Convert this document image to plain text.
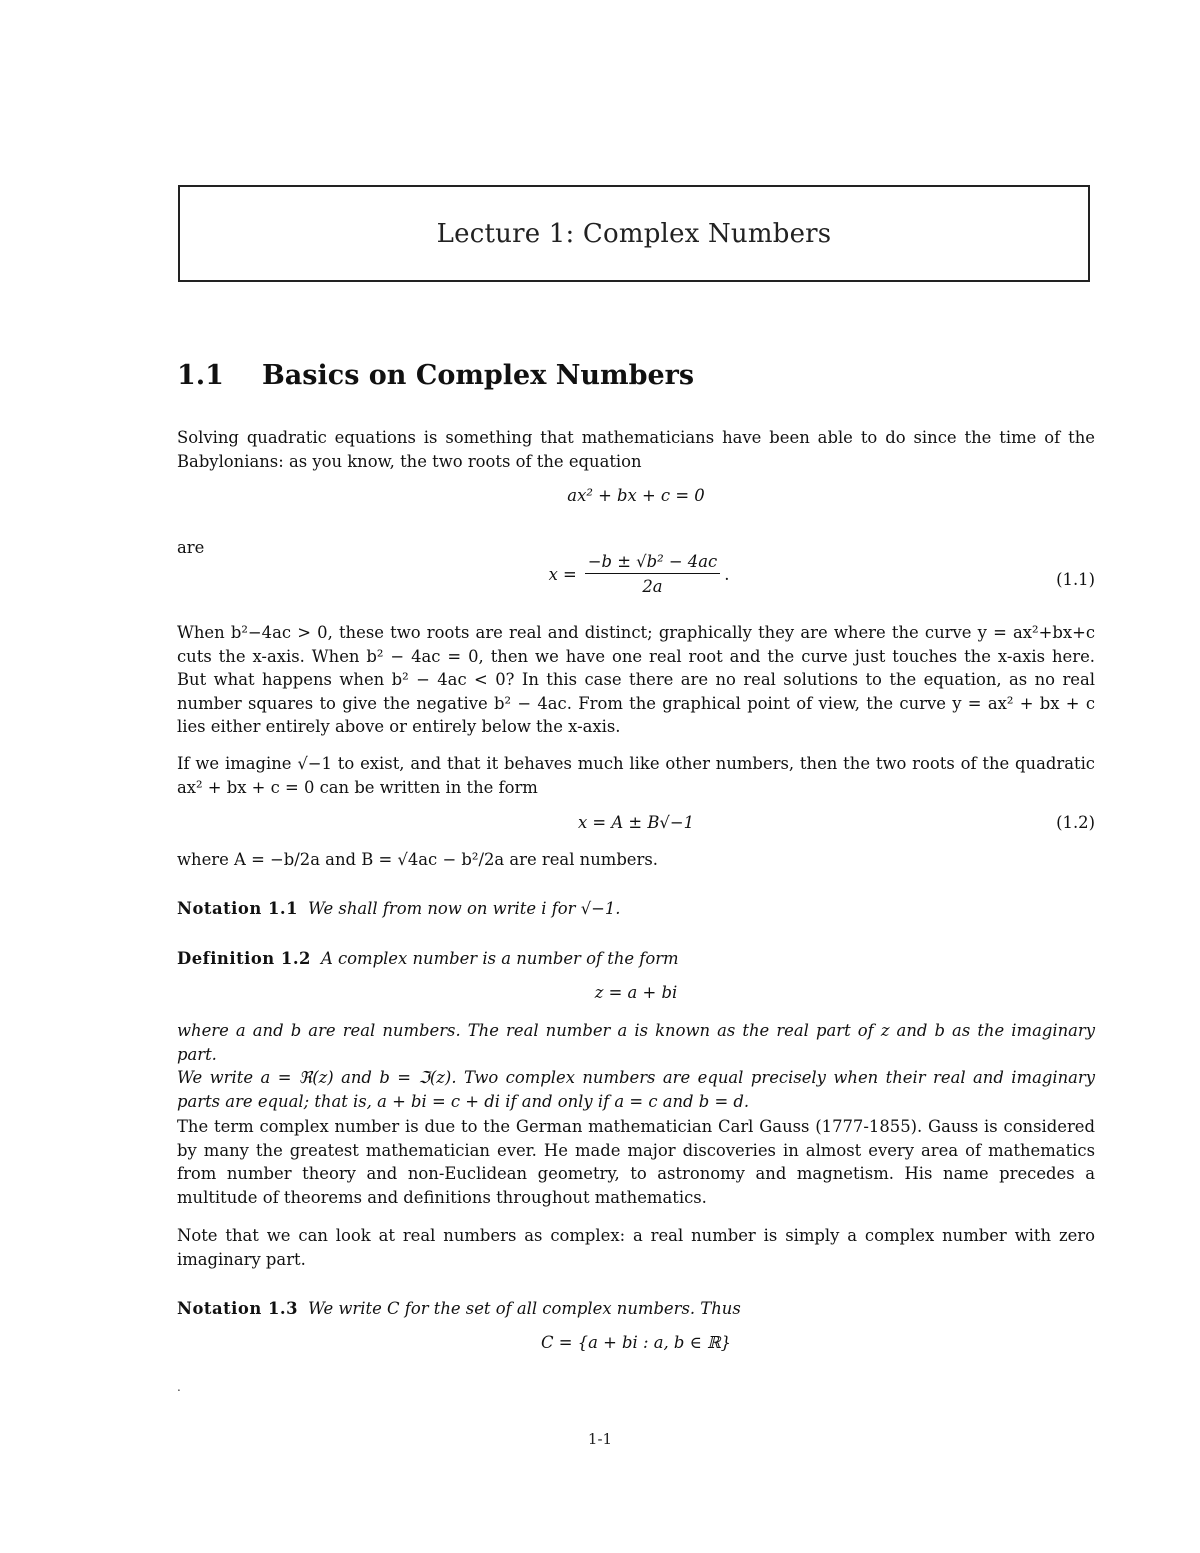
Lecture 1: Complex Numbers
1.1 Basics on Complex Numbers
Solving quadratic equations is something that mathematicians have been able to do since the time of the
Babylonians: as you know, the two roots of the equation
ax² + bx + c = 0
are
$x = \frac{\text{−b ± √b² − 4ac}}{2a}$ .	(1.1)
When b²−4ac > 0, these two roots are real and distinct; graphically they are where the curve y = ax²+bx+c
cuts the x-axis. When b² − 4ac = 0, then we have one real root and the curve just touches the x-axis here.
But what happens when b² − 4ac < 0? In this case there are no real solutions to the equation, as no real
number squares to give the negative b² − 4ac. From the graphical point of view, the curve y = ax² + bx + c
lies either entirely above or entirely below the x-axis.
If we imagine √−1 to exist, and that it behaves much like other numbers, then the two roots of the quadratic
ax² + bx + c = 0 can be written in the form
x = A ± B√−1	(1.2)
where A = −b/2a and B = √4ac − b²/2a are real numbers.
Notation 1.1 We shall from now on write i for √−1.
Definition 1.2 A complex number is a number of the form
z = a + bi
where a and b are real numbers. The real number a is known as the real part of z and b as the imaginary part.
We write a = ℜ(z) and b = ℑ(z). Two complex numbers are equal precisely when their real and imaginary
parts are equal; that is, a + bi = c + di if and only if a = c and b = d.
The term complex number is due to the German mathematician Carl Gauss (1777-1855). Gauss is considered
by many the greatest mathematician ever. He made major discoveries in almost every area of mathematics
from number theory and non-Euclidean geometry, to astronomy and magnetism. His name precedes a
multitude of theorems and definitions throughout mathematics.
Note that we can look at real numbers as complex: a real number is simply a complex number with zero
imaginary part.
Notation 1.3 We write C for the set of all complex numbers. Thus
C = {a + bi : a, b ∈ ℝ}
.
1-1
